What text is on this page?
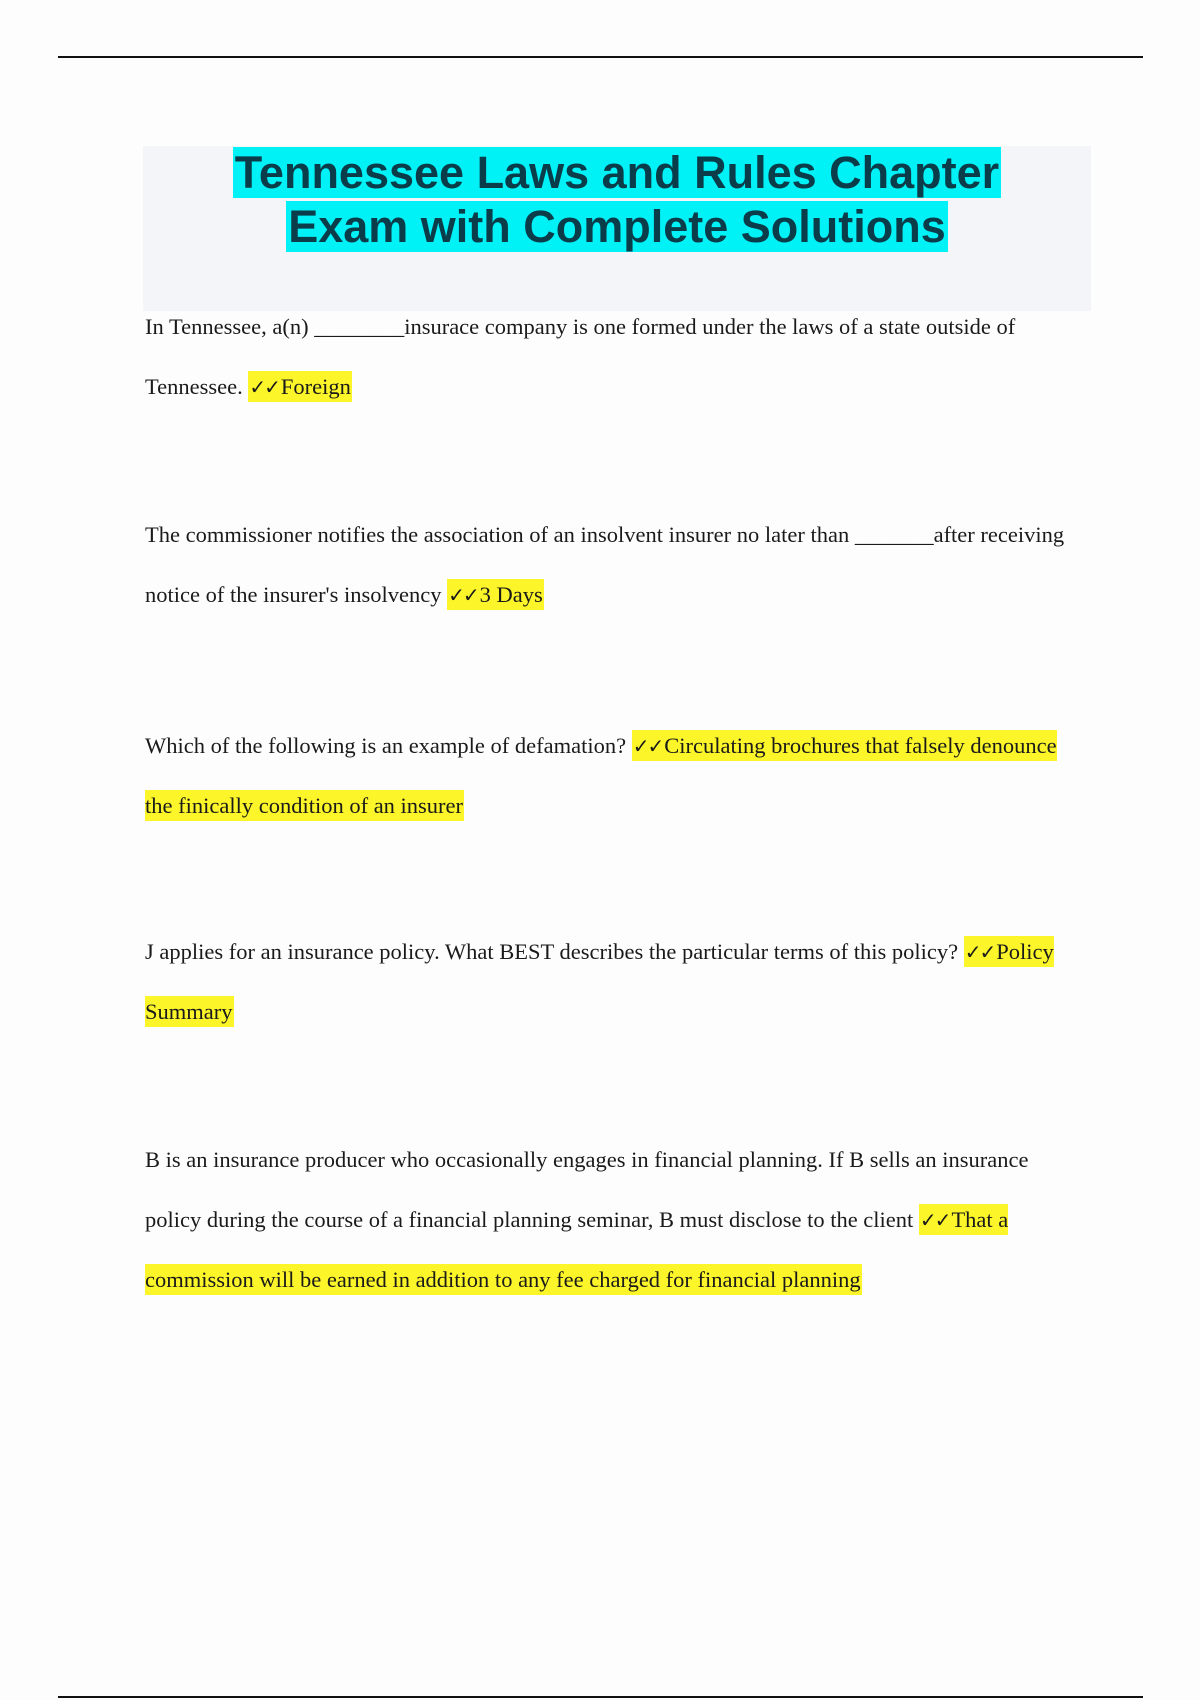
Tennessee Laws and Rules Chapter
Exam with Complete Solutions
In Tennessee, a(n) ________insurace company is one formed under the laws of a state outside of Tennessee. ✓✓Foreign
The commissioner notifies the association of an insolvent insurer no later than _______after receiving notice of the insurer's insolvency ✓✓3 Days
Which of the following is an example of defamation? ✓✓Circulating brochures that falsely denounce the finically condition of an insurer
J applies for an insurance policy. What BEST describes the particular terms of this policy? ✓✓Policy Summary
B is an insurance producer who occasionally engages in financial planning. If B sells an insurance policy during the course of a financial planning seminar, B must disclose to the client ✓✓That a commission will be earned in addition to any fee charged for financial planning
